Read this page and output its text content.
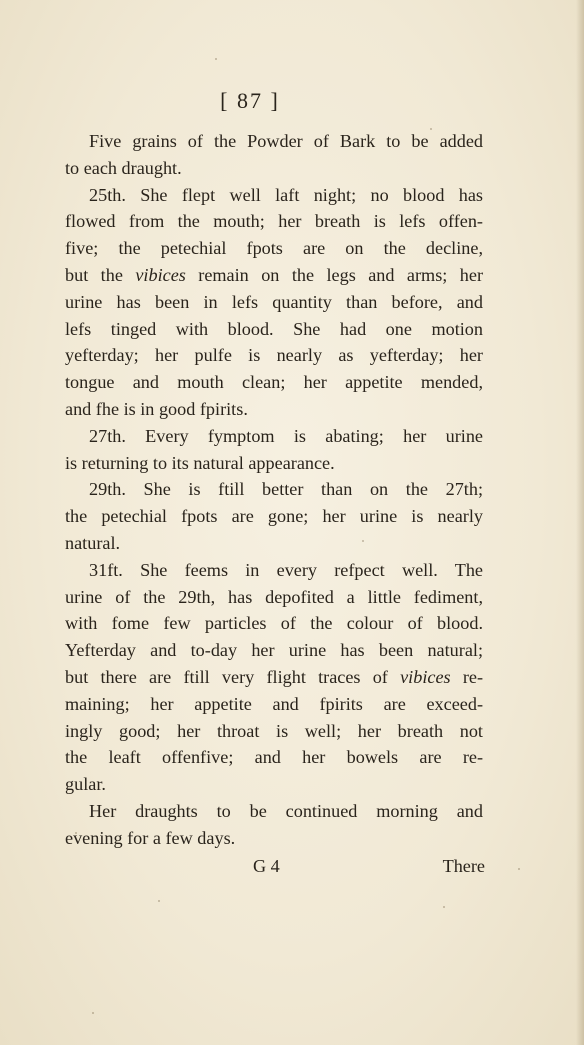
[ 87 ]
Five grains of the Powder of Bark to be added
to each draught.
25th. She flept well laft night; no blood has
flowed from the mouth; her breath is lefs offen-
five; the petechial fpots are on the decline,
but the vibices remain on the legs and arms; her
urine has been in lefs quantity than before, and
lefs tinged with blood. She had one motion
yefterday; her pulfe is nearly as yefterday; her
tongue and mouth clean; her appetite mended,
and fhe is in good fpirits.
27th. Every fymptom is abating; her urine
is returning to its natural appearance.
29th. She is ftill better than on the 27th;
the petechial fpots are gone; her urine is nearly
natural.
31ft. She feems in every refpect well. The
urine of the 29th, has depofited a little fediment,
with fome few particles of the colour of blood.
Yefterday and to-day her urine has been natural;
but there are ftill very flight traces of vibices re-
maining; her appetite and fpirits are exceed-
ingly good; her throat is well; her breath not
the leaft offenfive; and her bowels are re-
gular.
Her draughts to be continued morning and
evening for a few days.
G 4	There
